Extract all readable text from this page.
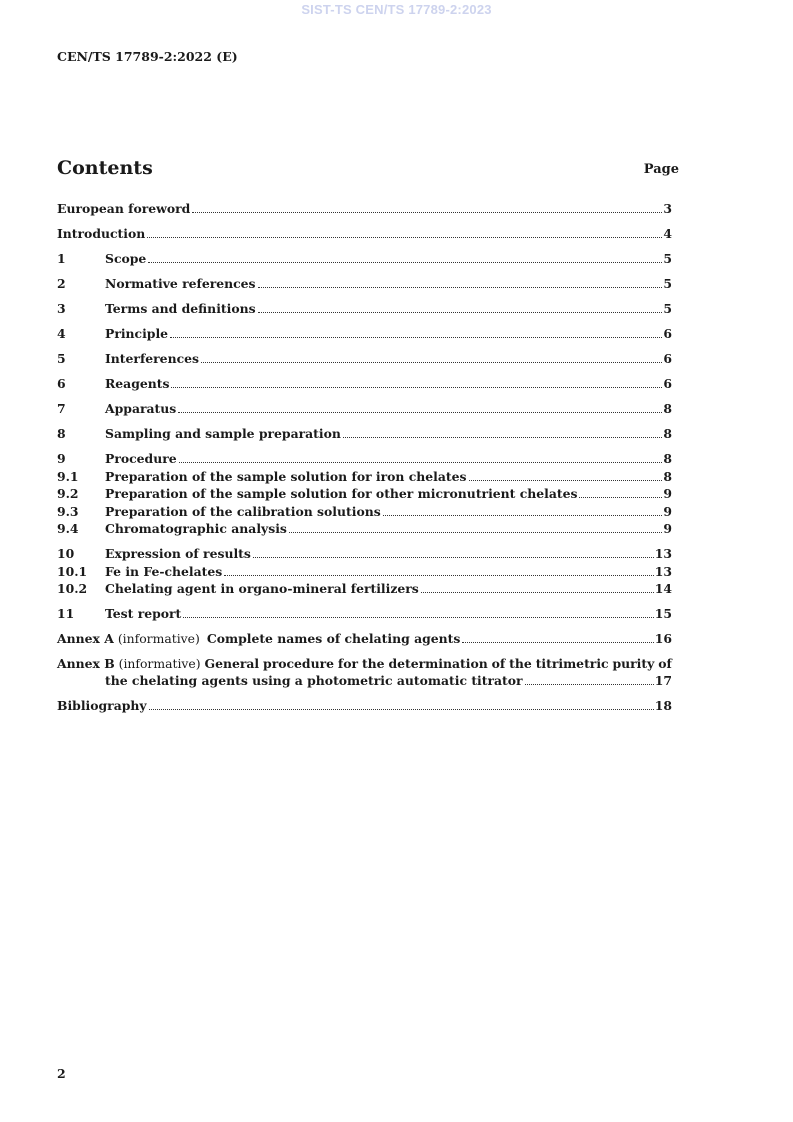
SIST-TS CEN/TS 17789-2:2023
CEN/TS 17789-2:2022 (E)
Contents	Page
European foreword	3
Introduction	4
1	Scope	5
2	Normative references	5
3	Terms and definitions	5
4	Principle	6
5	Interferences	6
6	Reagents	6
7	Apparatus	8
8	Sampling and sample preparation	8
9	Procedure	8
9.1	Preparation of the sample solution for iron chelates	8
9.2	Preparation of the sample solution for other micronutrient chelates	9
9.3	Preparation of the calibration solutions	9
9.4	Chromatographic analysis	9
10	Expression of results	13
10.1	Fe in Fe-chelates	13
10.2	Chelating agent in organo-mineral fertilizers	14
11	Test report	15
Annex A (informative) Complete names of chelating agents	16
Annex B (informative) General procedure for the determination of the titrimetric purity of
the chelating agents using a photometric automatic titrator	17
Bibliography	18
2
